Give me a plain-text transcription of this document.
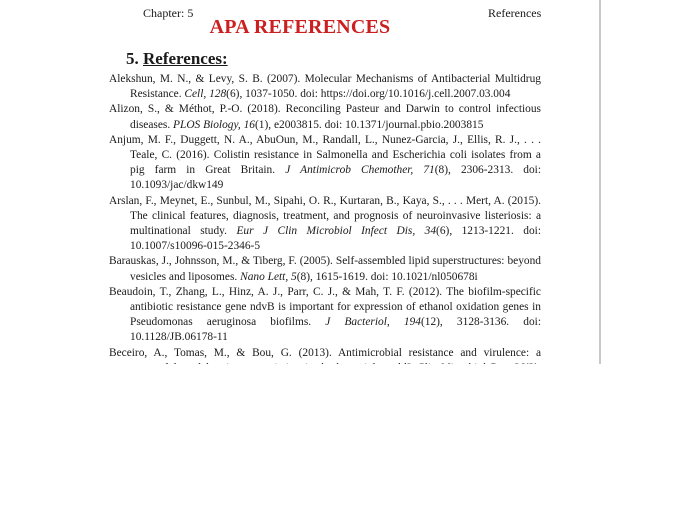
Chapter: 5	References
APA REFERENCES
5. References:

Alekshun, M. N., & Levy, S. B. (2007). Molecular Mechanisms of Antibacterial Multidrug Resistance. Cell, 128(6), 1037-1050. doi: https://doi.org/10.1016/j.cell.2007.03.004

Alizon, S., & Méthot, P.-O. (2018). Reconciling Pasteur and Darwin to control infectious diseases. PLOS Biology, 16(1), e2003815. doi: 10.1371/journal.pbio.2003815

Anjum, M. F., Duggett, N. A., AbuOun, M., Randall, L., Nunez-Garcia, J., Ellis, R. J., . . . Teale, C. (2016). Colistin resistance in Salmonella and Escherichia coli isolates from a pig farm in Great Britain. J Antimicrob Chemother, 71(8), 2306-2313. doi: 10.1093/jac/dkw149

Arslan, F., Meynet, E., Sunbul, M., Sipahi, O. R., Kurtaran, B., Kaya, S., . . . Mert, A. (2015). The clinical features, diagnosis, treatment, and prognosis of neuroinvasive listeriosis: a multinational study. Eur J Clin Microbiol Infect Dis, 34(6), 1213-1221. doi: 10.1007/s10096-015-2346-5

Barauskas, J., Johnsson, M., & Tiberg, F. (2005). Self-assembled lipid superstructures: beyond vesicles and liposomes. Nano Lett, 5(8), 1615-1619. doi: 10.1021/nl050678i

Beaudoin, T., Zhang, L., Hinz, A. J., Parr, C. J., & Mah, T. F. (2012). The biofilm-specific antibiotic resistance gene ndvB is important for expression of ethanol oxidation genes in Pseudomonas aeruginosa biofilms. J Bacteriol, 194(12), 3128-3136. doi: 10.1128/JB.06178-11

Beceiro, A., Tomas, M., & Bou, G. (2013). Antimicrobial resistance and virulence: a
